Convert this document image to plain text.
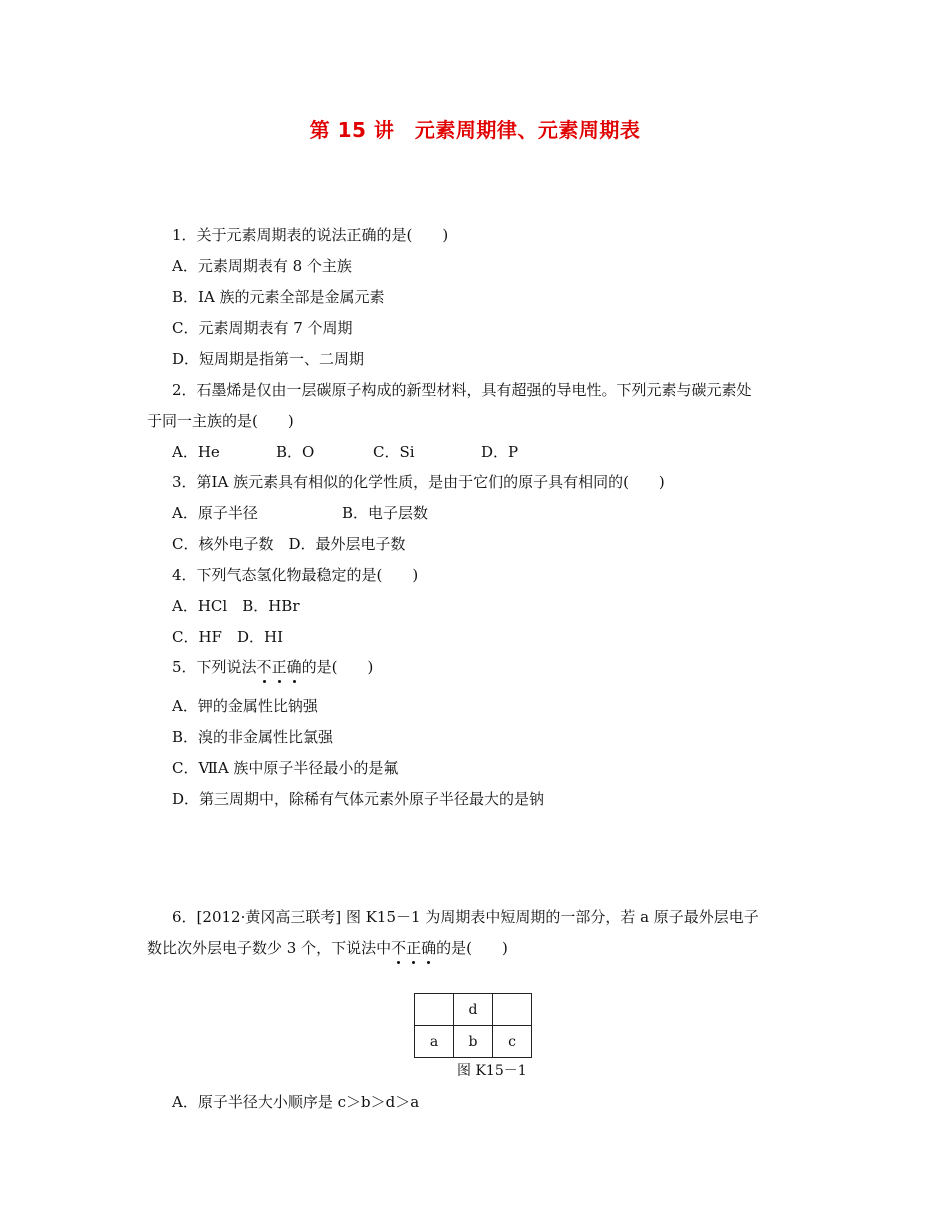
第 15 讲　元素周期律、元素周期表
1．关于元素周期表的说法正确的是(　　)
A．元素周期表有 8 个主族
B．ⅠA 族的元素全部是金属元素
C．元素周期表有 7 个周期
D．短周期是指第一、二周期
2．石墨烯是仅由一层碳原子构成的新型材料，具有超强的导电性。下列元素与碳元素处
于同一主族的是(　　)
A．He	B．O	C．Si	D．P
3．第ⅠA 族元素具有相似的化学性质，是由于它们的原子具有相同的(　　)
A．原子半径	B．电子层数
C．核外电子数　D．最外层电子数
4．下列气态氢化物最稳定的是(　　)
A．HCl　B．HBr
C．HF　D．HI
5．下列说法不正确的是(　　)
A．钾的金属性比钠强
B．溴的非金属性比氯强
C．ⅦA 族中原子半径最小的是氟
D．第三周期中，除稀有气体元素外原子半径最大的是钠
6．[2012·黄冈高三联考] 图 K15－1 为周期表中短周期的一部分，若 a 原子最外层电子
数比次外层电子数少 3 个，下说法中不正确的是(　　)
	d	
a	b	c
图 K15－1
A．原子半径大小顺序是 c＞b＞d＞a
